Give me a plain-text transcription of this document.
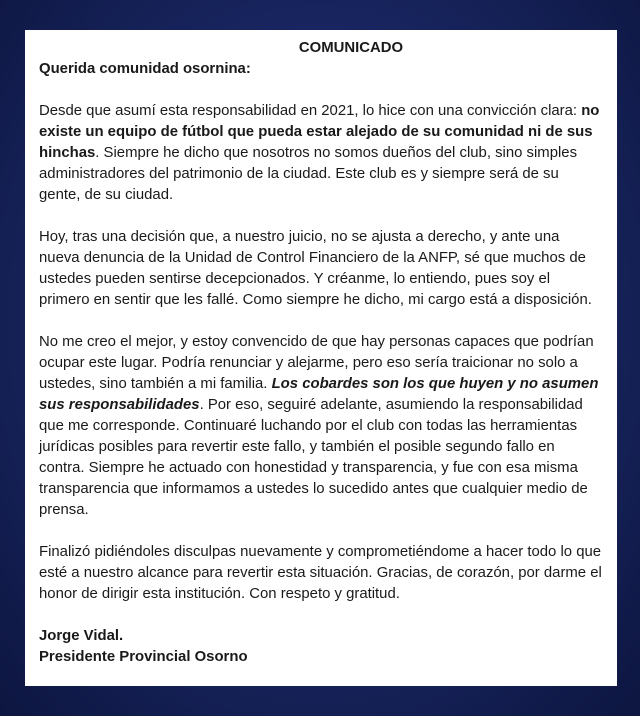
COMUNICADO
Querida comunidad osornina:

Desde que asumí esta responsabilidad en 2021, lo hice con una convicción clara: no existe un equipo de fútbol que pueda estar alejado de su comunidad ni de sus hinchas. Siempre he dicho que nosotros no somos dueños del club, sino simples administradores del patrimonio de la ciudad. Este club es y siempre será de su gente, de su ciudad.

Hoy, tras una decisión que, a nuestro juicio, no se ajusta a derecho, y ante una nueva denuncia de la Unidad de Control Financiero de la ANFP, sé que muchos de ustedes pueden sentirse decepcionados. Y créanme, lo entiendo, pues soy el primero en sentir que les fallé. Como siempre he dicho, mi cargo está a disposición.

No me creo el mejor, y estoy convencido de que hay personas capaces que podrían ocupar este lugar. Podría renunciar y alejarme, pero eso sería traicionar no solo a ustedes, sino también a mi familia. Los cobardes son los que huyen y no asumen sus responsabilidades. Por eso, seguiré adelante, asumiendo la responsabilidad que me corresponde. Continuaré luchando por el club con todas las herramientas jurídicas posibles para revertir este fallo, y también el posible segundo fallo en contra. Siempre he actuado con honestidad y transparencia, y fue con esa misma transparencia que informamos a ustedes lo sucedido antes que cualquier medio de prensa.

Finalizó pidiéndoles disculpas nuevamente y comprometiéndome a hacer todo lo que esté a nuestro alcance para revertir esta situación. Gracias, de corazón, por darme el honor de dirigir esta institución. Con respeto y gratitud.

Jorge Vidal.
Presidente Provincial Osorno
